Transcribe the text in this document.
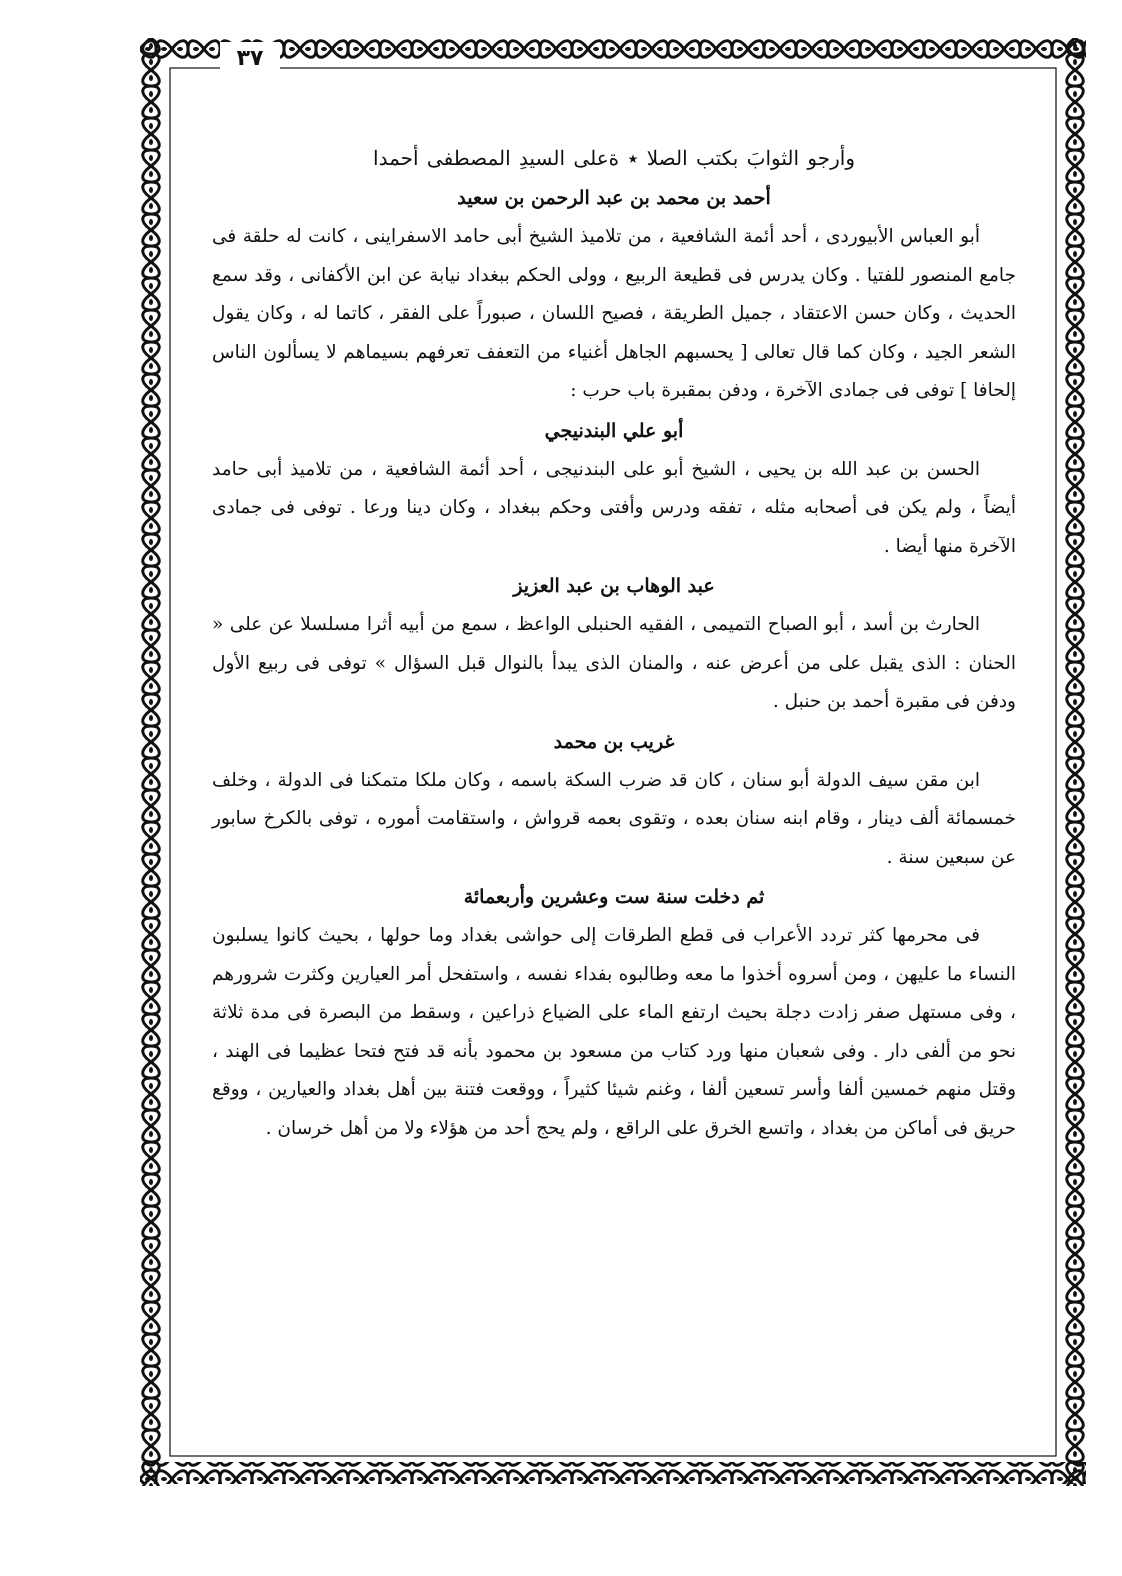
٣٧

وأرجو الثوابَ بكتب الصلا ٭ ةعلى السيدِ المصطفى أحمدا

أحمد بن محمد بن عبد الرحمن بن سعيد

أبو العباس الأبيوردى ، أحد أئمة الشافعية ، من تلاميذ الشيخ أبى حامد الاسفراينى ، كانت له حلقة فى جامع المنصور للفتيا . وكان يدرس فى قطيعة الربيع ، وولى الحكم ببغداد نيابة عن ابن الأكفانى ، وقد سمع الحديث ، وكان حسن الاعتقاد ، جميل الطريقة ، فصيح اللسان ، صبوراً على الفقر ، كاتما له ، وكان يقول الشعر الجيد ، وكان كما قال تعالى [ يحسبهم الجاهل أغنياء من التعفف تعرفهم بسيماهم لا يسألون الناس إلحافا ] توفى فى جمادى الآخرة ، ودفن بمقبرة باب حرب :

أبو علي البندنيجي

الحسن بن عبد الله بن يحيى ، الشيخ أبو على البندنيجى ، أحد أئمة الشافعية ، من تلاميذ أبى حامد أيضاً ، ولم يكن فى أصحابه مثله ، تفقه ودرس وأفتى وحكم ببغداد ، وكان دينا ورعا . توفى فى جمادى الآخرة منها أيضا .

عبد الوهاب بن عبد العزيز

الحارث بن أسد ، أبو الصباح التميمى ، الفقيه الحنبلى الواعظ ، سمع من أبيه أثرا مسلسلا عن على « الحنان : الذى يقبل على من أعرض عنه ، والمنان الذى يبدأ بالنوال قبل السؤال » توفى فى ربيع الأول ودفن فى مقبرة أحمد بن حنبل .

غريب بن محمد

ابن مقن سيف الدولة أبو سنان ، كان قد ضرب السكة باسمه ، وكان ملكا متمكنا فى الدولة ، وخلف خمسمائة ألف دينار ، وقام ابنه سنان بعده ، وتقوى بعمه قرواش ، واستقامت أموره ، توفى بالكرخ سابور عن سبعين سنة .

ثم دخلت سنة ست وعشرين وأربعمائة

فى محرمها كثر تردد الأعراب فى قطع الطرقات إلى حواشى بغداد وما حولها ، بحيث كانوا يسلبون النساء ما عليهن ، ومن أسروه أخذوا ما معه وطالبوه بفداء نفسه ، واستفحل أمر العيارين وكثرت شرورهم ، وفى مستهل صفر زادت دجلة بحيث ارتفع الماء على الضياع ذراعين ، وسقط من البصرة فى مدة ثلاثة نحو من ألفى دار . وفى شعبان منها ورد كتاب من مسعود بن محمود بأنه قد فتح فتحا عظيما فى الهند ، وقتل منهم خمسين ألفا وأسر تسعين ألفا ، وغنم شيئا كثيراً ، ووقعت فتنة بين أهل بغداد والعيارين ، ووقع حريق فى أماكن من بغداد ، واتسع الخرق على الراقع ، ولم يحج أحد من هؤلاء ولا من أهل خرسان .
